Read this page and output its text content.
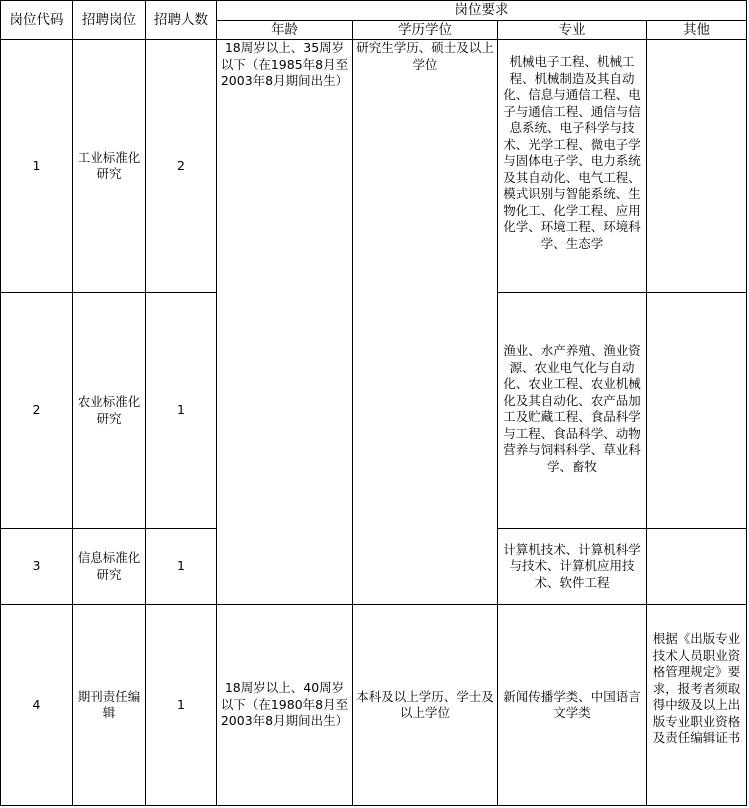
岗位代码	招聘岗位	招聘人数	岗位要求			
			年龄	学历学位	专业	其他
1	工业标准化研究	2	18周岁以上、35周岁以下（在1985年8月至2003年8月期间出生）	研究生学历、硕士及以上学位	机械电子工程、机械工程、机械制造及其自动化、信息与通信工程、电子与通信工程、通信与信息系统、电子科学与技术、光学工程、微电子学与固体电子学、电力系统及其自动化、电气工程、模式识别与智能系统、生物化工、化学工程、应用化学、环境工程、环境科学、生态学	
2	农业标准化研究	1			渔业、水产养殖、渔业资源、农业电气化与自动化、农业工程、农业机械化及其自动化、农产品加工及贮藏工程、食品科学与工程、食品科学、动物营养与饲料科学、草业科学、畜牧	
3	信息标准化研究	1			计算机技术、计算机科学与技术、计算机应用技术、软件工程	
4	期刊责任编辑	1	18周岁以上、40周岁以下（在1980年8月至2003年8月期间出生）	本科及以上学历、学士及以上学位	新闻传播学类、中国语言文学类	根据《出版专业技术人员职业资格管理规定》要求，报考者须取得中级及以上出版专业职业资格及责任编辑证书
